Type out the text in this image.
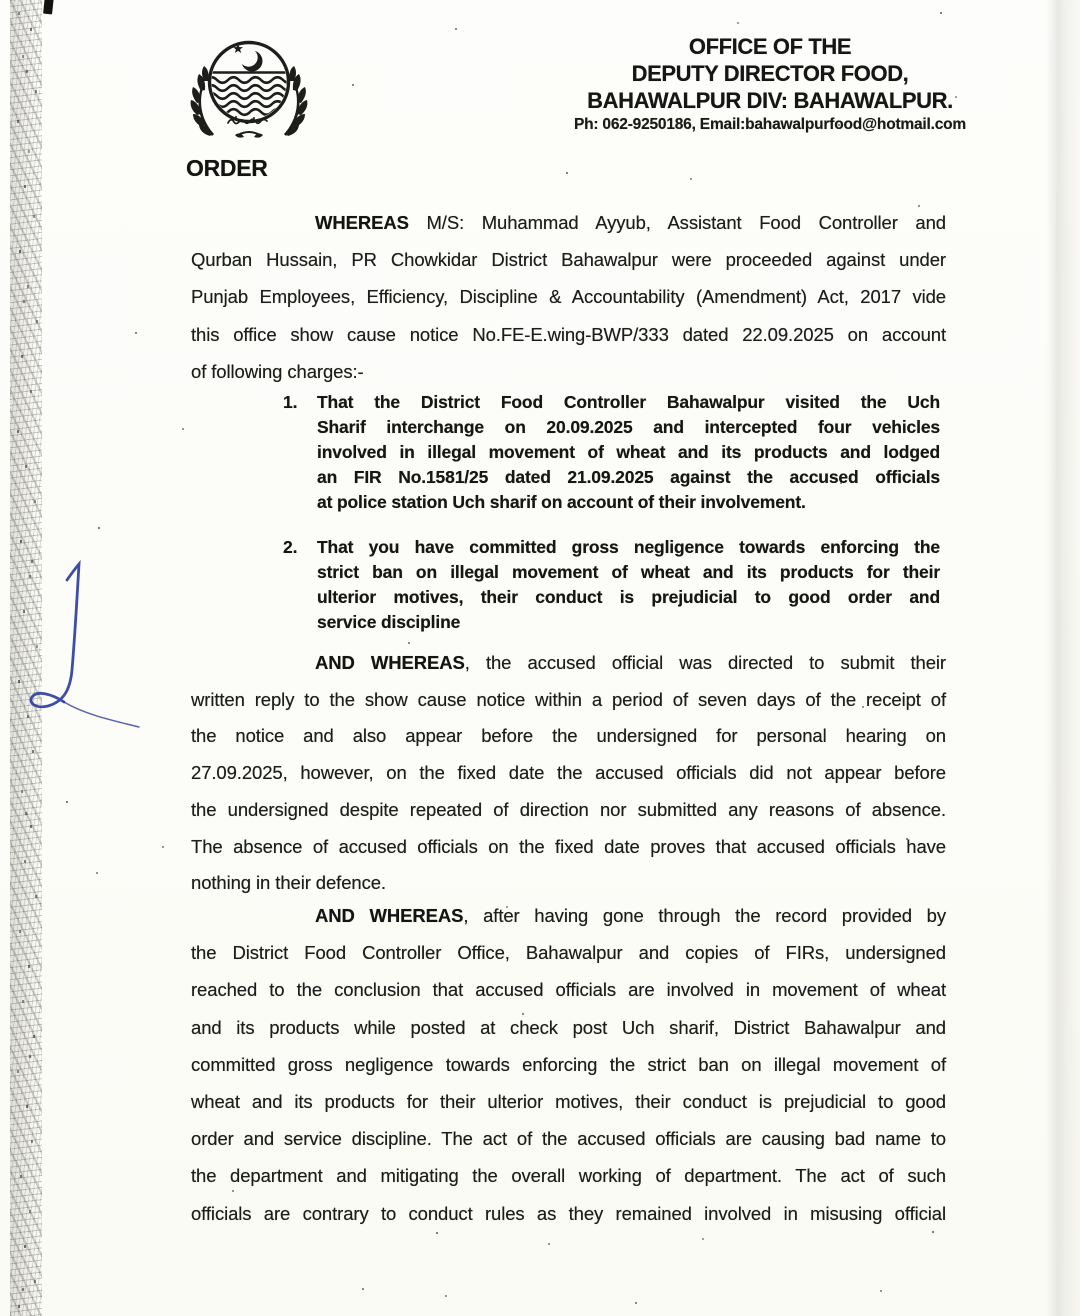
OFFICE OF THE
DEPUTY DIRECTOR FOOD,
BAHAWALPUR DIV: BAHAWALPUR.
Ph: 062-9250186, Email:bahawalpurfood@hotmail.com
ORDER
WHEREAS M/S: Muhammad Ayyub, Assistant Food Controller and
Qurban Hussain, PR Chowkidar District Bahawalpur were proceeded against under
Punjab Employees, Efficiency, Discipline & Accountability (Amendment) Act, 2017 vide
this office show cause notice No.FE-E.wing-BWP/333 dated 22.09.2025 on account
of following charges:-
1.	That the District Food Controller Bahawalpur visited the Uch
Sharif interchange on 20.09.2025 and intercepted four vehicles
involved in illegal movement of wheat and its products and lodged
an FIR No.1581/25 dated 21.09.2025 against the accused officials
at police station Uch sharif on account of their involvement.
2.	That you have committed gross negligence towards enforcing the
strict ban on illegal movement of wheat and its products for their
ulterior motives, their conduct is prejudicial to good order and
service discipline
AND WHEREAS, the accused official was directed to submit their
written reply to the show cause notice within a period of seven days of the receipt of
the notice and also appear before the undersigned for personal hearing on
27.09.2025, however, on the fixed date the accused officials did not appear before
the undersigned despite repeated of direction nor submitted any reasons of absence.
The absence of accused officials on the fixed date proves that accused officials have
nothing in their defence.
AND WHEREAS, after having gone through the record provided by
the District Food Controller Office, Bahawalpur and copies of FIRs, undersigned
reached to the conclusion that accused officials are involved in movement of wheat
and its products while posted at check post Uch sharif, District Bahawalpur and
committed gross negligence towards enforcing the strict ban on illegal movement of
wheat and its products for their ulterior motives, their conduct is prejudicial to good
order and service discipline. The act of the accused officials are causing bad name to
the department and mitigating the overall working of department. The act of such
officials are contrary to conduct rules as they remained involved in misusing official
